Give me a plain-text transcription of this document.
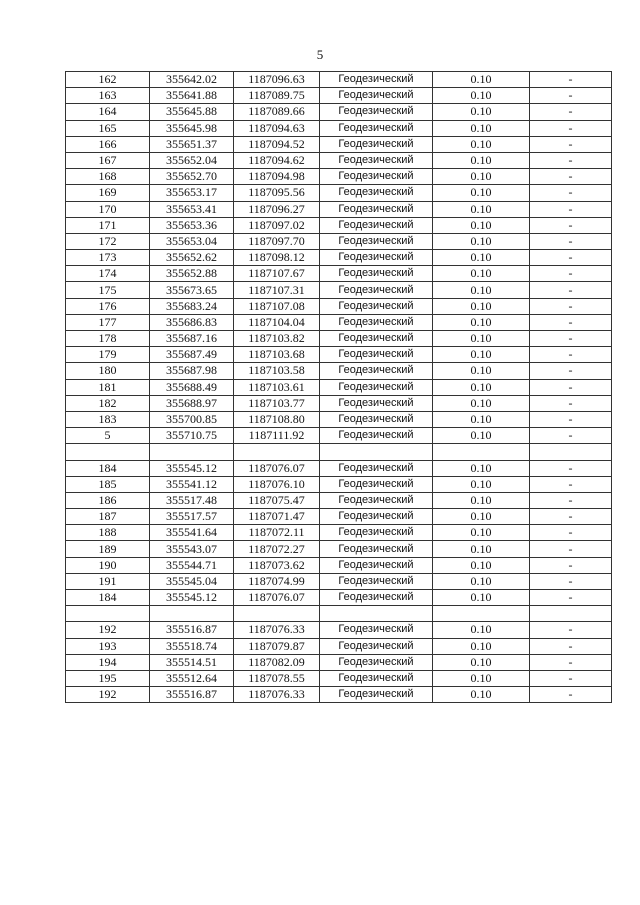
5
162	355642.02	1187096.63	Геодезический	0.10	-
163	355641.88	1187089.75	Геодезический	0.10	-
164	355645.88	1187089.66	Геодезический	0.10	-
165	355645.98	1187094.63	Геодезический	0.10	-
166	355651.37	1187094.52	Геодезический	0.10	-
167	355652.04	1187094.62	Геодезический	0.10	-
168	355652.70	1187094.98	Геодезический	0.10	-
169	355653.17	1187095.56	Геодезический	0.10	-
170	355653.41	1187096.27	Геодезический	0.10	-
171	355653.36	1187097.02	Геодезический	0.10	-
172	355653.04	1187097.70	Геодезический	0.10	-
173	355652.62	1187098.12	Геодезический	0.10	-
174	355652.88	1187107.67	Геодезический	0.10	-
175	355673.65	1187107.31	Геодезический	0.10	-
176	355683.24	1187107.08	Геодезический	0.10	-
177	355686.83	1187104.04	Геодезический	0.10	-
178	355687.16	1187103.82	Геодезический	0.10	-
179	355687.49	1187103.68	Геодезический	0.10	-
180	355687.98	1187103.58	Геодезический	0.10	-
181	355688.49	1187103.61	Геодезический	0.10	-
182	355688.97	1187103.77	Геодезический	0.10	-
183	355700.85	1187108.80	Геодезический	0.10	-
5	355710.75	1187111.92	Геодезический	0.10	-

184	355545.12	1187076.07	Геодезический	0.10	-
185	355541.12	1187076.10	Геодезический	0.10	-
186	355517.48	1187075.47	Геодезический	0.10	-
187	355517.57	1187071.47	Геодезический	0.10	-
188	355541.64	1187072.11	Геодезический	0.10	-
189	355543.07	1187072.27	Геодезический	0.10	-
190	355544.71	1187073.62	Геодезический	0.10	-
191	355545.04	1187074.99	Геодезический	0.10	-
184	355545.12	1187076.07	Геодезический	0.10	-

192	355516.87	1187076.33	Геодезический	0.10	-
193	355518.74	1187079.87	Геодезический	0.10	-
194	355514.51	1187082.09	Геодезический	0.10	-
195	355512.64	1187078.55	Геодезический	0.10	-
192	355516.87	1187076.33	Геодезический	0.10	-
